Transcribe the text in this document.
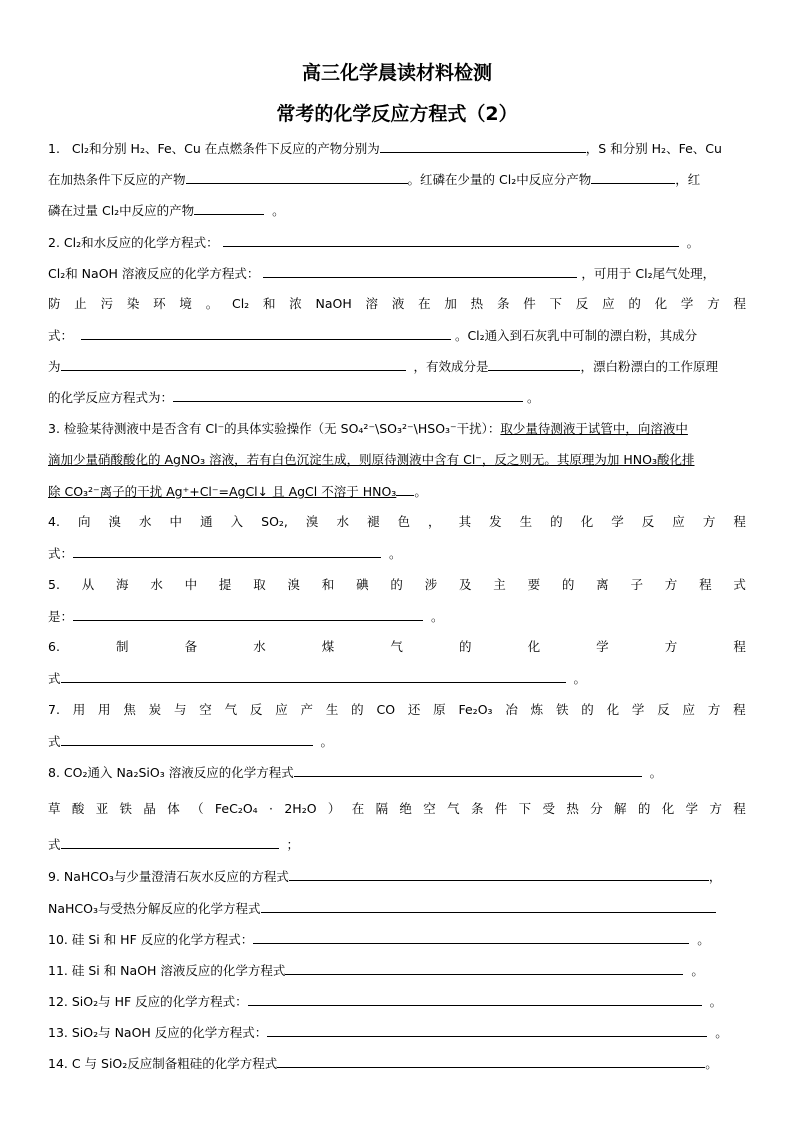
高三化学晨读材料检测
常考的化学反应方程式（2）
1. Cl₂和分别 H₂、Fe、Cu 在点燃条件下反应的产物分别为	，S 和分别 H₂、Fe、Cu
在加热条件下反应的产物	。红磷在少量的 Cl₂中反应分产物	，红
磷在过量 Cl₂中反应的产物	。
2. Cl₂和水反应的化学方程式：	。
Cl₂和 NaOH 溶液反应的化学方程式：	，可用于 Cl₂尾气处理，
防 止 污 染 环 境 。 Cl₂ 和 浓 NaOH 溶 液 在 加 热 条 件 下 反 应 的 化 学 方 程
式：	。Cl₂通入到石灰乳中可制的漂白粉，其成分
为	，有效成分是	，漂白粉漂白的工作原理
的化学反应方程式为：	。
3. 检验某待测液中是否含有 Cl⁻的具体实验操作（无 SO₄²⁻\SO₃²⁻\HSO₃⁻干扰）：取少量待测液于试管中，向溶液中
滴加少量硝酸酸化的 AgNO₃ 溶液，若有白色沉淀生成，则原待测液中含有 Cl⁻，反之则无。其原理为加 HNO₃酸化排
除 CO₃²⁻离子的干扰 Ag⁺+Cl⁻=AgCl↓ 且 AgCl 不溶于 HNO₃ 。
4. 向 溴 水 中 通 入 SO₂, 溴 水 褪 色 ， 其 发 生 的 化 学 反 应 方 程
式：	。
5. 从 海 水 中 提 取 溴 和 碘 的 涉 及 主 要 的 离 子 方 程 式
是：	。
6.	制	备	水	煤	气	的	化	学	方	程
式	。
7. 用 用 焦 炭 与 空 气 反 应 产 生 的 CO 还 原 Fe₂O₃ 冶 炼 铁 的 化 学 反 应 方 程
式	。
8. CO₂通入 Na₂SiO₃ 溶液反应的化学方程式	。
草 酸 亚 铁 晶 体 （ FeC₂O₄ · 2H₂O ） 在 隔 绝 空 气 条 件 下 受 热 分 解 的 化 学 方 程
式	；
9. NaHCO₃与少量澄清石灰水反应的方程式	，
NaHCO₃与受热分解反应的化学方程式
10. 硅 Si 和 HF 反应的化学方程式：	。
11. 硅 Si 和 NaOH 溶液反应的化学方程式	。
12. SiO₂与 HF 反应的化学方程式：	。
13. SiO₂与 NaOH 反应的化学方程式：	。
14. C 与 SiO₂反应制备粗硅的化学方程式	。
